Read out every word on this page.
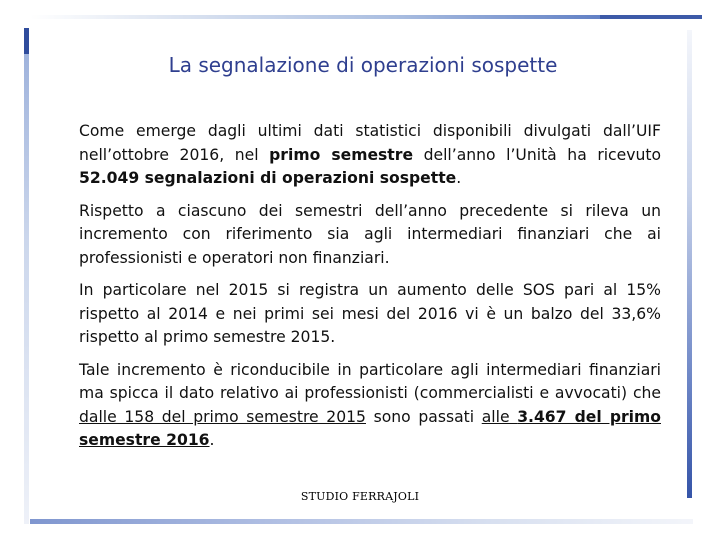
La segnalazione di operazioni sospette

Come emerge dagli ultimi dati statistici disponibili divulgati dall’UIF nell’ottobre 2016, nel primo semestre dell’anno l’Unità ha ricevuto 52.049 segnalazioni di operazioni sospette.

Rispetto a ciascuno dei semestri dell’anno precedente si rileva un incremento con riferimento sia agli intermediari finanziari che ai professionisti e operatori non finanziari.

In particolare nel 2015 si registra un aumento delle SOS pari al 15% rispetto al 2014 e nei primi sei mesi del 2016 vi è un balzo del 33,6% rispetto al primo semestre 2015.

Tale incremento è riconducibile in particolare agli intermediari finanziari ma spicca il dato relativo ai professionisti (commercialisti e avvocati) che dalle 158 del primo semestre 2015 sono passati alle 3.467 del primo semestre 2016.

STUDIO FERRAJOLI
